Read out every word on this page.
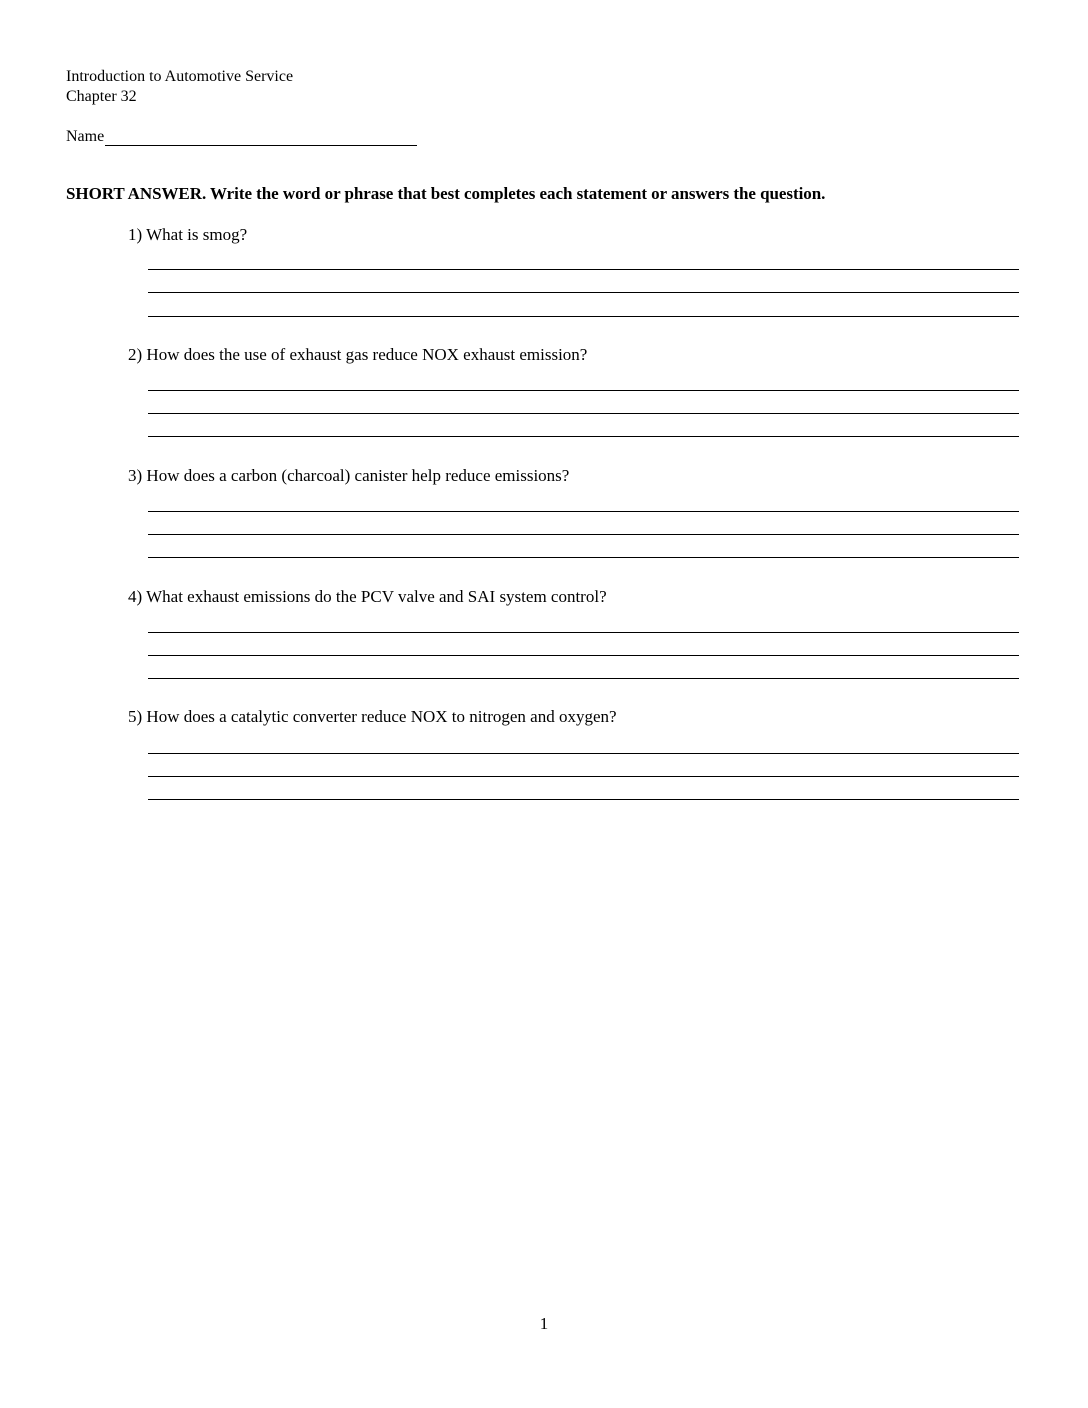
Introduction to Automotive Service
Chapter 32
Name
SHORT ANSWER. Write the word or phrase that best completes each statement or answers the question.
1) What is smog?
2) How does the use of exhaust gas reduce NOX exhaust emission?
3) How does a carbon (charcoal) canister help reduce emissions?
4) What exhaust emissions do the PCV valve and SAI system control?
5) How does a catalytic converter reduce NOX to nitrogen and oxygen?
1
